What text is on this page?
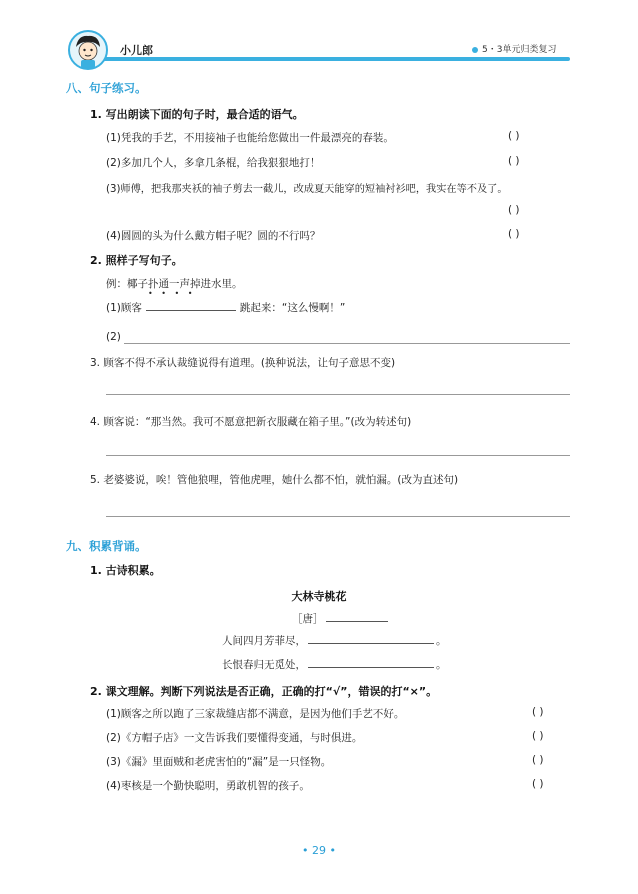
小儿郎	5・3单元归类复习
八、句子练习。
1. 写出朗读下面的句子时，最合适的语气。
(1)凭我的手艺，不用接袖子也能给您做出一件最漂亮的春装。	( )
(2)多加几个人，多拿几条棍，给我狠狠地打！	( )
(3)师傅，把我那夹袄的袖子剪去一截儿，改成夏天能穿的短袖衬衫吧，我实在等不及了。
( )
(4)圆圆的头为什么戴方帽子呢？圆的不行吗？	( )
2. 照样子写句子。
例：椰子扑通一声掉进水里。
• • • •
(1)顾客	跳起来：“这么慢啊！”
(2)
3. 顾客不得不承认裁缝说得有道理。(换种说法，让句子意思不变)
4. 顾客说：“那当然。我可不愿意把新衣服藏在箱子里。”(改为转述句)
5. 老婆婆说，唉！管他狼哩，管他虎哩，她什么都不怕，就怕漏。(改为直述句)
九、积累背诵。
1. 古诗积累。
大林寺桃花
［唐］
人间四月芳菲尽，	。
长恨春归无觅处，	。
2. 课文理解。判断下列说法是否正确，正确的打“√”，错误的打“×”。
(1)顾客之所以跑了三家裁缝店都不满意，是因为他们手艺不好。	( )
(2)《方帽子店》一文告诉我们要懂得变通，与时俱进。	( )
(3)《漏》里面贼和老虎害怕的“漏”是一只怪物。	( )
(4)枣核是一个勤快聪明，勇敢机智的孩子。	( )
• 29 •
